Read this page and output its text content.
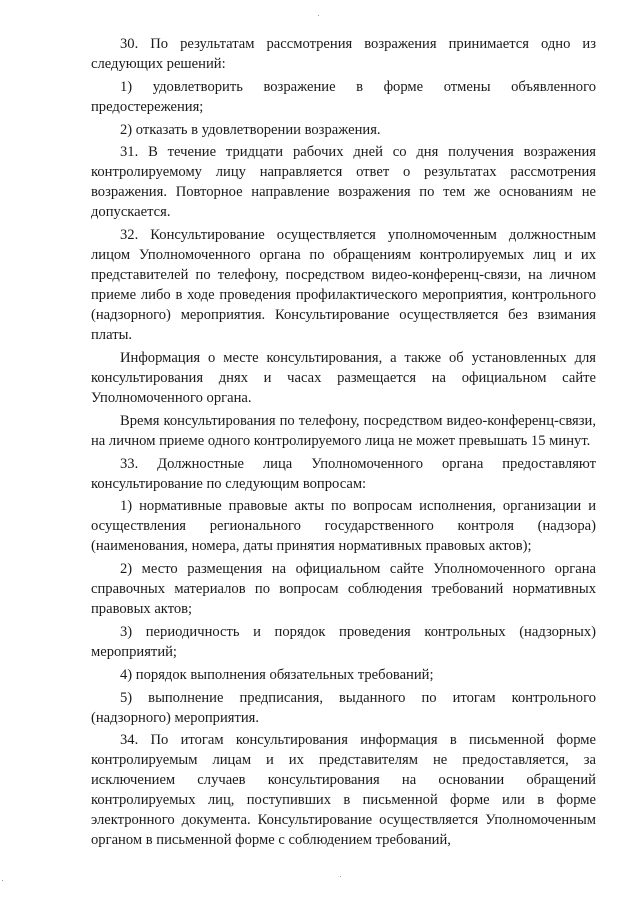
30. По результатам рассмотрения возражения принимается одно из следующих решений:

1) удовлетворить возражение в форме отмены объявленного предостережения;

2) отказать в удовлетворении возражения.

31. В течение тридцати рабочих дней со дня получения возражения контролируемому лицу направляется ответ о результатах рассмотрения возражения. Повторное направление возражения по тем же основаниям не допускается.

32. Консультирование осуществляется уполномоченным должностным лицом Уполномоченного органа по обращениям контролируемых лиц и их представителей по телефону, посредством видео-конференц-связи, на личном приеме либо в ходе проведения профилактического мероприятия, контрольного (надзорного) мероприятия. Консультирование осуществляется без взимания платы.

Информация о месте консультирования, а также об установленных для консультирования днях и часах размещается на официальном сайте Уполномоченного органа.

Время консультирования по телефону, посредством видео-конференц-связи, на личном приеме одного контролируемого лица не может превышать 15 минут.

33. Должностные лица Уполномоченного органа предоставляют консультирование по следующим вопросам:

1) нормативные правовые акты по вопросам исполнения, организации и осуществления регионального государственного контроля (надзора) (наименования, номера, даты принятия нормативных правовых актов);

2) место размещения на официальном сайте Уполномоченного органа справочных материалов по вопросам соблюдения требований нормативных правовых актов;

3) периодичность и порядок проведения контрольных (надзорных) мероприятий;

4) порядок выполнения обязательных требований;

5) выполнение предписания, выданного по итогам контрольного (надзорного) мероприятия.

34. По итогам консультирования информация в письменной форме контролируемым лицам и их представителям не предоставляется, за исключением случаев консультирования на основании обращений контролируемых лиц, поступивших в письменной форме или в форме электронного документа. Консультирование осуществляется Уполномоченным органом в письменной форме с соблюдением требований,
